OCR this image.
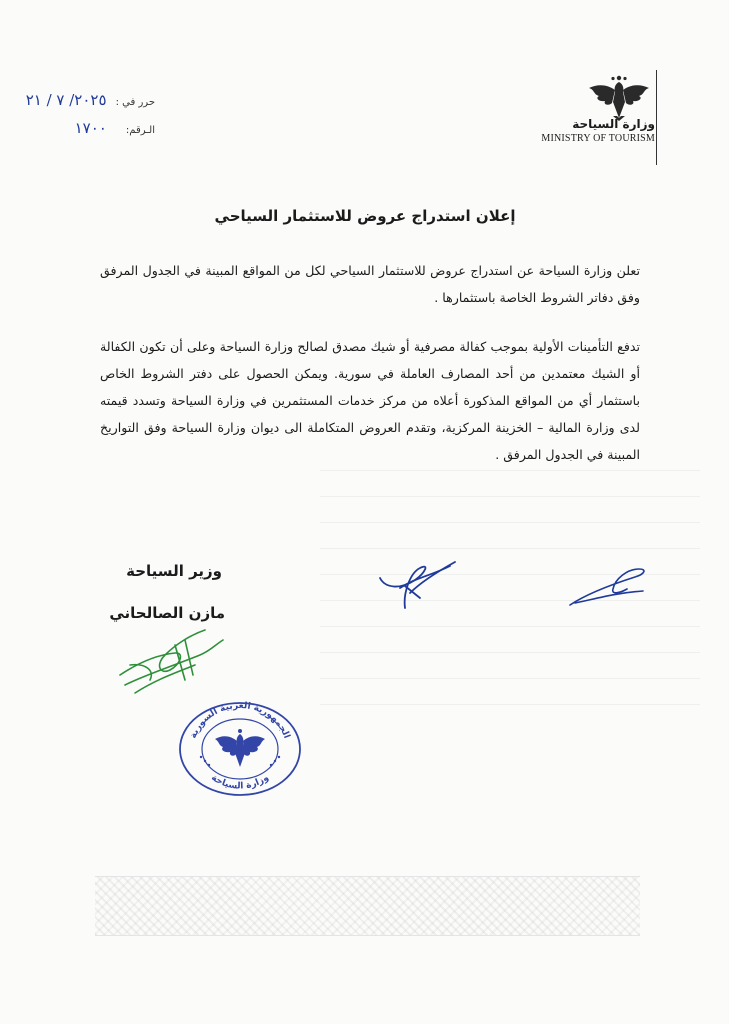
وزارة السياحة
MINISTRY OF TOURISM
حرر في : ٢٠٢٥/ ٧ / ٢١
الـرقم: ١٧٠٠
إعلان استدراج عروض للاستثمار السياحي
تعلن وزارة السياحة عن استدراج عروض للاستثمار السياحي لكل من المواقع المبينة في الجدول المرفق وفق دفاتر الشروط الخاصة باستثمارها .
تدفع التأمينات الأولية بموجب كفالة مصرفية أو شيك مصدق لصالح وزارة السياحة وعلى أن تكون الكفالة أو الشيك معتمدين من أحد المصارف العاملة في سورية. ويمكن الحصول على دفتر الشروط الخاص باستثمار أي من المواقع المذكورة أعلاه من مركز خدمات المستثمرين في وزارة السياحة وتسدد قيمته لدى وزارة المالية – الخزينة المركزية، وتقدم العروض المتكاملة الى ديوان وزارة السياحة وفق التواريخ المبينة في الجدول المرفق .
وزير السياحة
مازن الصالحاني
الجمهورية العربية السورية
وزارة السياحة
